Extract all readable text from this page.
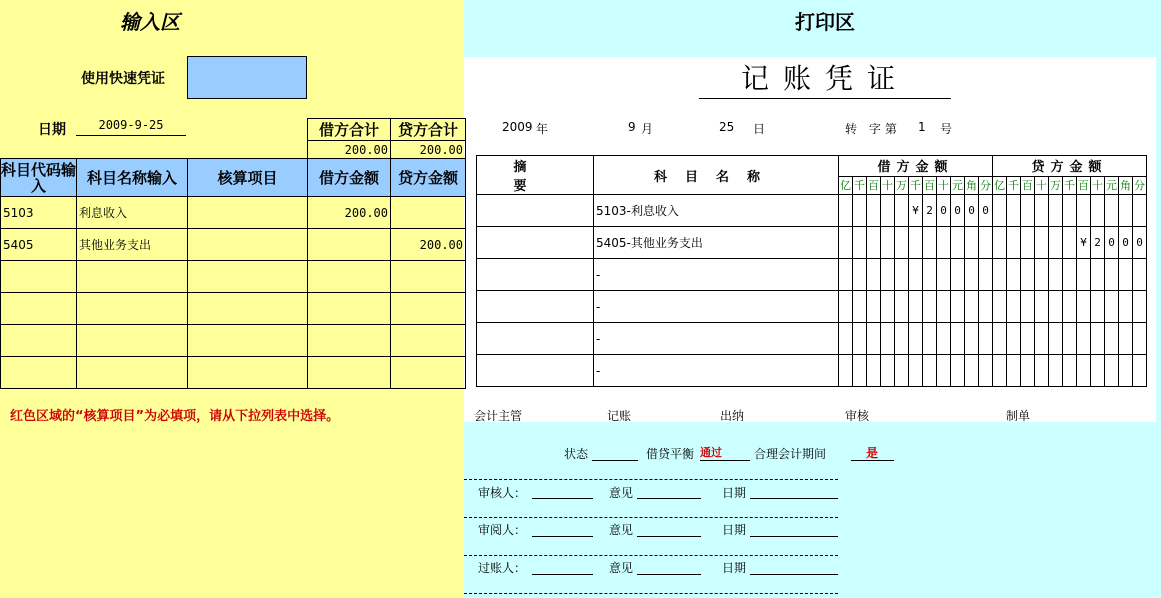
输入区	打印区
使用快速凭证
日期	2009-9-25
				借方合计	贷方合计
			200.00	200.00
科目代码输入	科目名称输入	核算项目	借方金额	贷方金额
5103	利息收入		200.00	
5405	其他业务支出			200.00

红色区域的“核算项目”为必填项，请从下拉列表中选择。
记账凭证
2009 年	9 月	25 日	转 字第 1 号
摘 要	科目名称	借方金额											贷方金额										
		亿	千	百	十	万	千	百	十	元	角	分	亿	千	百	十	万	千	百	十	元	角	分
	5103-利息收入						¥	2	0	0	0	0											
	5405-其他业务支出																		¥	2	0	0	0
	-																						
	-																						
	-																						
	-																						
会计主管	记账	出纳	审核	制单
状态	借贷平衡 通过	合理会计期间	是
审核人：	意见	日期
审阅人：	意见	日期
过账人：	意见	日期
